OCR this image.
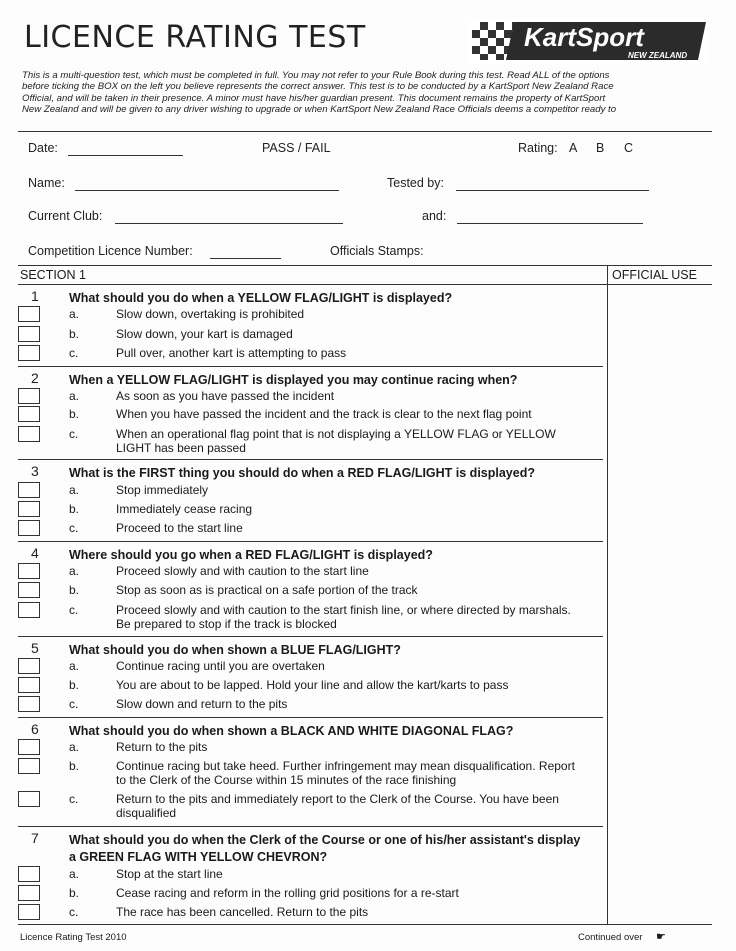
LICENCE RATING TEST	KartSport
NEW ZEALAND
This is a multi-question test, which must be completed in full. You may not refer to your Rule Book during this test. Read ALL of the options
before ticking the BOX on the left you believe represents the correct answer. This test is to be conducted by a KartSport New Zealand Race
Official, and will be taken in their presence. A minor must have his/her guardian present. This document remains the property of KartSport
New Zealand and will be given to any driver wishing to upgrade or when KartSport New Zealand Race Officials deems a competitor ready to
Date:	PASS / FAIL	Rating: A B C
Name:	Tested by:
Current Club:	and:
Competition Licence Number:	Officials Stamps:
SECTION 1	OFFICIAL USE
1 What should you do when a YELLOW FLAG/LIGHT is displayed?
a.	Slow down, overtaking is prohibited
b.	Slow down, your kart is damaged
c.	Pull over, another kart is attempting to pass
2 When a YELLOW FLAG/LIGHT is displayed you may continue racing when?
a.	As soon as you have passed the incident
b.	When you have passed the incident and the track is clear to the next flag point
c.	When an operational flag point that is not displaying a YELLOW FLAG or YELLOW LIGHT has been passed
3 What is the FIRST thing you should do when a RED FLAG/LIGHT is displayed?
a.	Stop immediately
b.	Immediately cease racing
c.	Proceed to the start line
4 Where should you go when a RED FLAG/LIGHT is displayed?
a.	Proceed slowly and with caution to the start line
b.	Stop as soon as is practical on a safe portion of the track
c.	Proceed slowly and with caution to the start finish line, or where directed by marshals. Be prepared to stop if the track is blocked
5 What should you do when shown a BLUE FLAG/LIGHT?
a.	Continue racing until you are overtaken
b.	You are about to be lapped. Hold your line and allow the kart/karts to pass
c.	Slow down and return to the pits
6 What should you do when shown a BLACK AND WHITE DIAGONAL FLAG?
a.	Return to the pits
b.	Continue racing but take heed. Further infringement may mean disqualification. Report to the Clerk of the Course within 15 minutes of the race finishing
c.	Return to the pits and immediately report to the Clerk of the Course. You have been disqualified
7 What should you do when the Clerk of the Course or one of his/her assistant's display a GREEN FLAG WITH YELLOW CHEVRON?
a.	Stop at the start line
b.	Cease racing and reform in the rolling grid positions for a re-start
c.	The race has been cancelled. Return to the pits
Licence Rating Test 2010	Continued over ☛
